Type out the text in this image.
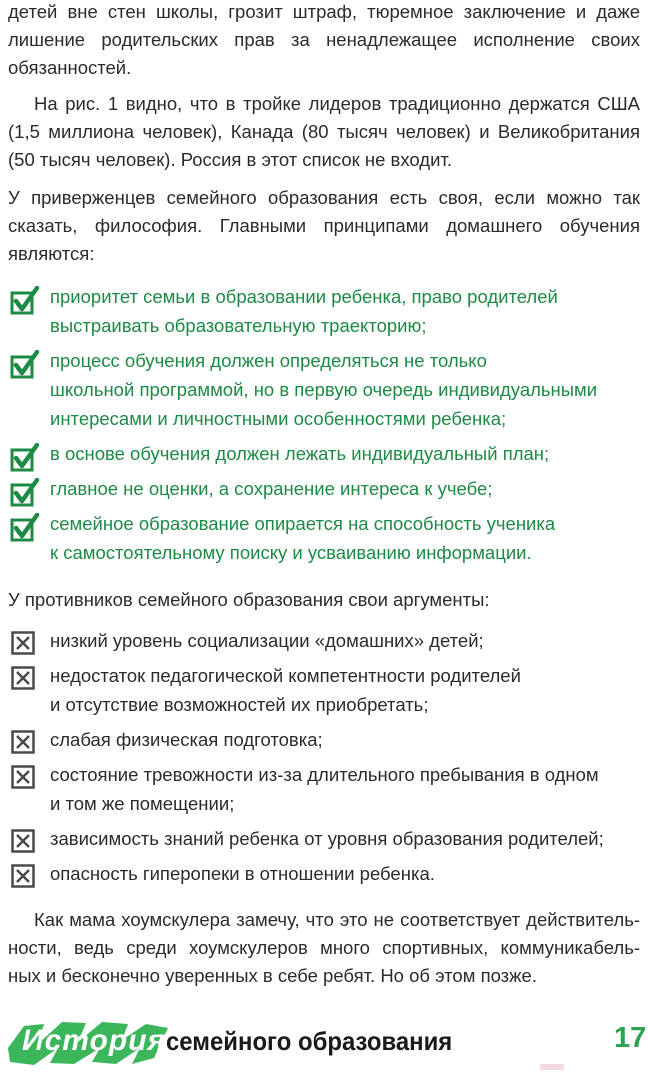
детей вне стен школы, грозит штраф, тюремное заключение и даже
лишение родительских прав за ненадлежащее исполнение своих
обязанностей.

На рис. 1 видно, что в тройке лидеров традиционно держатся США
(1,5 миллиона человек), Канада (80 тысяч человек) и Великобритания
(50 тысяч человек). Россия в этот список не входит.

У приверженцев семейного образования есть своя, если можно так
сказать, философия. Главными принципами домашнего обучения
являются:

приоритет семьи в образовании ребенка, право родителей
выстраивать образовательную траекторию;
процесс обучения должен определяться не только
школьной программой, но в первую очередь индивидуальными
интересами и личностными особенностями ребенка;
в основе обучения должен лежать индивидуальный план;
главное не оценки, а сохранение интереса к учебе;
семейное образование опирается на способность ученика
к самостоятельному поиску и усваиванию информации.

У противников семейного образования свои аргументы:

низкий уровень социализации «домашних» детей;
недостаток педагогической компетентности родителей
и отсутствие возможностей их приобретать;
слабая физическая подготовка;
состояние тревожности из-за длительного пребывания в одном
и том же помещении;
зависимость знаний ребенка от уровня образования родителей;
опасность гиперопеки в отношении ребенка.

Как мама хоумскулера замечу, что это не соответствует действитель-
ности, ведь среди хоумскулеров много спортивных, коммуникабель-
ных и бесконечно уверенных в себе ребят. Но об этом позже.

История семейного образования	17
